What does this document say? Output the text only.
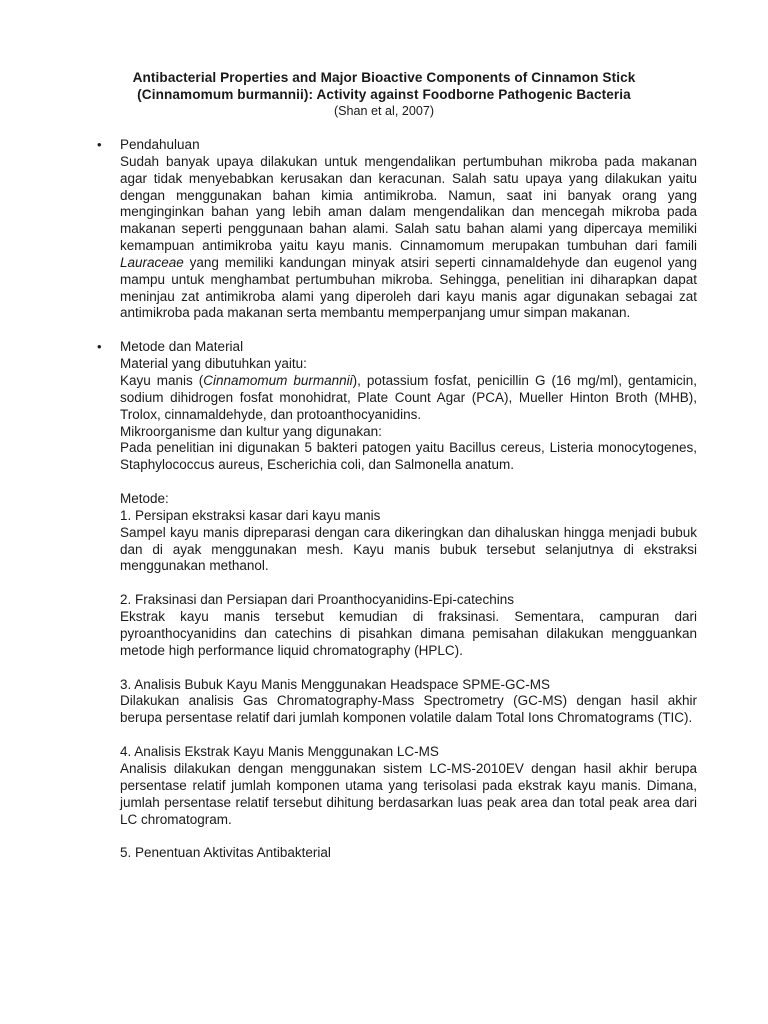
Antibacterial Properties and Major Bioactive Components of Cinnamon Stick
(Cinnamomum burmannii): Activity against Foodborne Pathogenic Bacteria
(Shan et al, 2007)
• Pendahuluan

Sudah banyak upaya dilakukan untuk mengendalikan pertumbuhan mikroba pada makanan agar tidak menyebabkan kerusakan dan keracunan. Salah satu upaya yang dilakukan yaitu dengan menggunakan bahan kimia antimikroba. Namun, saat ini banyak orang yang menginginkan bahan yang lebih aman dalam mengendalikan dan mencegah mikroba pada makanan seperti penggunaan bahan alami. Salah satu bahan alami yang dipercaya memiliki kemampuan antimikroba yaitu kayu manis. Cinnamomum merupakan tumbuhan dari famili Lauraceae yang memiliki kandungan minyak atsiri seperti cinnamaldehyde dan eugenol yang mampu untuk menghambat pertumbuhan mikroba. Sehingga, penelitian ini diharapkan dapat meninjau zat antimikroba alami yang diperoleh dari kayu manis agar digunakan sebagai zat antimikroba pada makanan serta membantu memperpanjang umur simpan makanan.

• Metode dan Material
Material yang dibutuhkan yaitu:

Kayu manis (Cinnamomum burmannii), potassium fosfat, penicillin G (16 mg/ml), gentamicin, sodium dihidrogen fosfat monohidrat, Plate Count Agar (PCA), Mueller Hinton Broth (MHB), Trolox, cinnamaldehyde, dan protoanthocyanidins.

Mikroorganisme dan kultur yang digunakan:

Pada penelitian ini digunakan 5 bakteri patogen yaitu Bacillus cereus, Listeria monocytogenes, Staphylococcus aureus, Escherichia coli, dan Salmonella anatum.

Metode:
1. Persipan ekstraksi kasar dari kayu manis

Sampel kayu manis dipreparasi dengan cara dikeringkan dan dihaluskan hingga menjadi bubuk dan di ayak menggunakan mesh. Kayu manis bubuk tersebut selanjutnya di ekstraksi menggunakan methanol.

2. Fraksinasi dan Persiapan dari Proanthocyanidins-Epi-catechins

Ekstrak kayu manis tersebut kemudian di fraksinasi. Sementara, campuran dari pyroanthocyanidins dan catechins di pisahkan dimana pemisahan dilakukan mengguankan metode high performance liquid chromatography (HPLC).

3. Analisis Bubuk Kayu Manis Menggunakan Headspace SPME-GC-MS

Dilakukan analisis Gas Chromatography-Mass Spectrometry (GC-MS) dengan hasil akhir berupa persentase relatif dari jumlah komponen volatile dalam Total Ions Chromatograms (TIC).

4. Analisis Ekstrak Kayu Manis Menggunakan LC-MS

Analisis dilakukan dengan menggunakan sistem LC-MS-2010EV dengan hasil akhir berupa persentase relatif jumlah komponen utama yang terisolasi pada ekstrak kayu manis. Dimana, jumlah persentase relatif tersebut dihitung berdasarkan luas peak area dan total peak area dari LC chromatogram.

5. Penentuan Aktivitas Antibakterial
